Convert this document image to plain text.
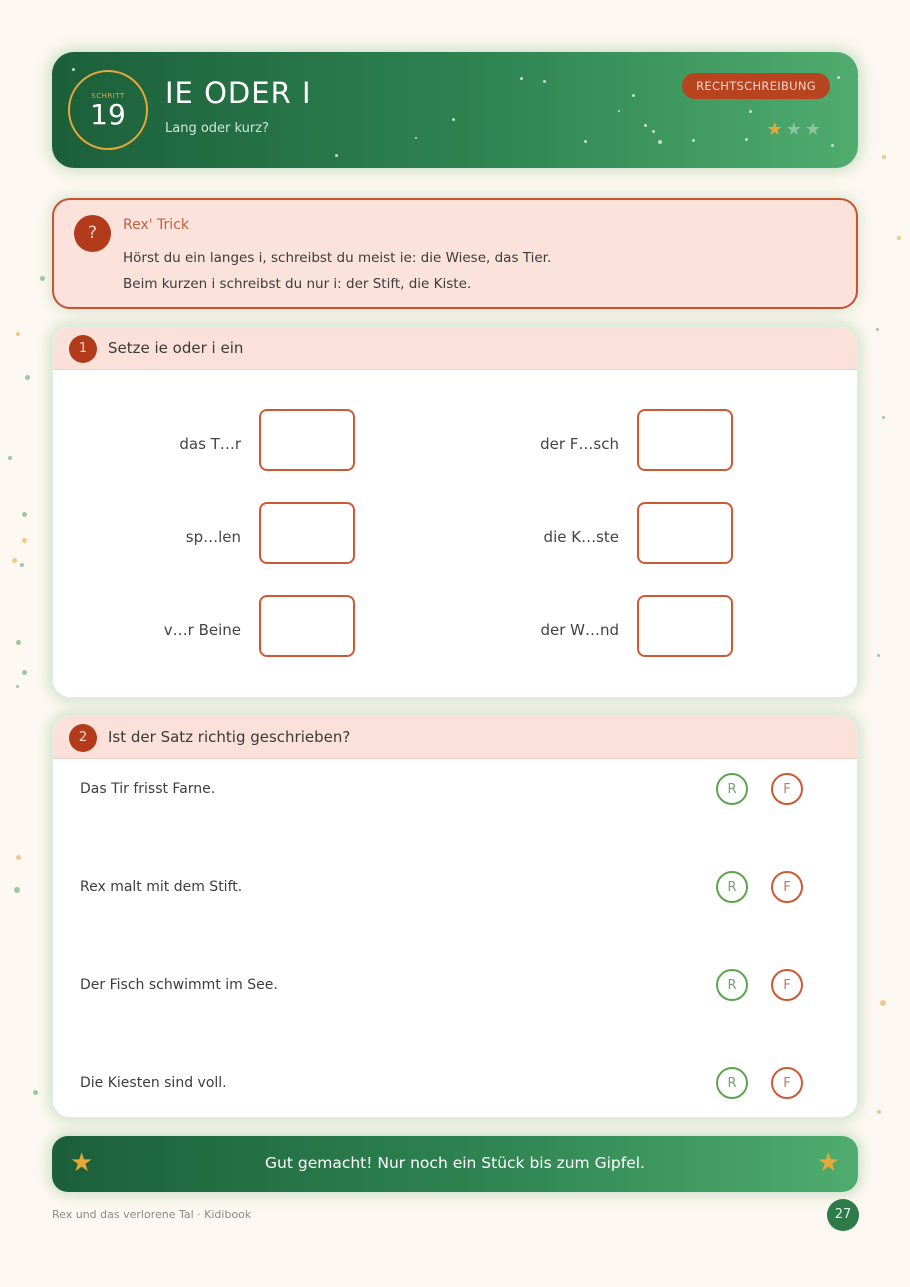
SCHRITT
19
IE ODER I
Lang oder kurz?
RECHTSCHREIBUNG
★★★
?	Rex' Trick
Hörst du ein langes i, schreibst du meist ie: die Wiese, das Tier.
Beim kurzen i schreibst du nur i: der Stift, die Kiste.
1	Setze ie oder i ein
das T…r	der F…sch
sp…len	die K…ste
v…r Beine	der W…nd
2	Ist der Satz richtig geschrieben?
Das Tir frisst Farne.	R	F
Rex malt mit dem Stift.	R	F
Der Fisch schwimmt im See.	R	F
Die Kiesten sind voll.	R	F
★	Gut gemacht! Nur noch ein Stück bis zum Gipfel.	★
Rex und das verlorene Tal · Kidibook	27
